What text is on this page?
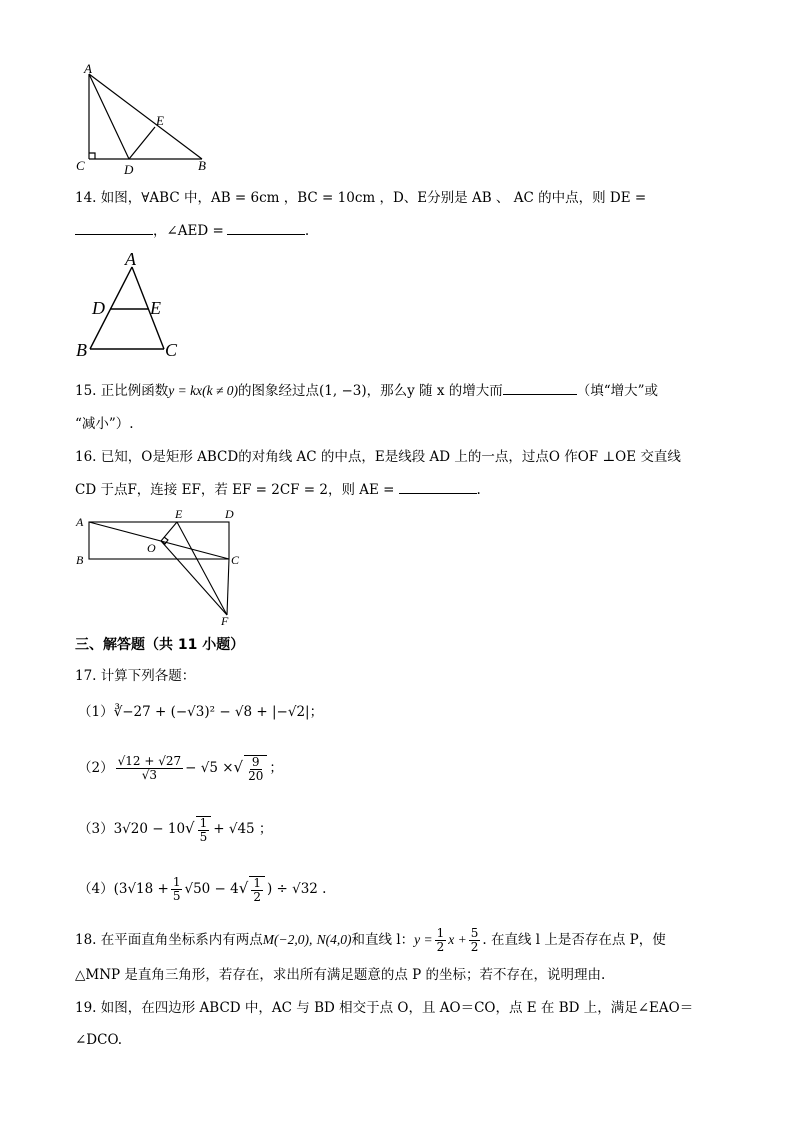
A
E
C	D	B
14. 如图，∀ABC 中，AB = 6cm ，BC = 10cm ，D、E分别是 AB 、 AC 的中点，则 DE =
，∠AED =	.
A
D	E
B	C
15. 正比例函数y = kx(k ≠ 0)的图象经过点(1, −3)，那么y 随 x 的增大而	（填“增大”或
“减小”）.
16. 已知，O是矩形 ABCD的对角线 AC 的中点，E是线段 AD 上的一点，过点O 作OF ⊥OE 交直线
CD 于点F，连接 EF，若 EF = 2CF = 2，则 AE =	.
A
E	D
O
B	C
F
三、解答题（共 11 小题）
17. 计算下列各题：
（1）∛−27 + (−√3)² − √8 + |−√2|；
$(2) \frac{√12 + √27}{√3} - √5$ ×√ $\frac{9}{20}$ ；
$(3)3√20 - 10√ \frac{1}{5} + √45$ ；
$(4)(3√18 + \frac{1}{5} √50 - 4√ \frac{1}{2}$ ) ÷ √32 .
18. 在平面直角坐标系内有两点M(−2,0), N(4,0)和直线 l：$y = \frac{1}{2}$ $x + \frac{5}{2}$ . 在直线 l 上是否存在点 P，使
△MNP 是直角三角形，若存在，求出所有满足题意的点 P 的坐标；若不存在，说明理由.
19. 如图，在四边形 ABCD 中，AC 与 BD 相交于点 O，且 AO＝CO，点 E 在 BD 上，满足∠EAO＝
∠DCO.
